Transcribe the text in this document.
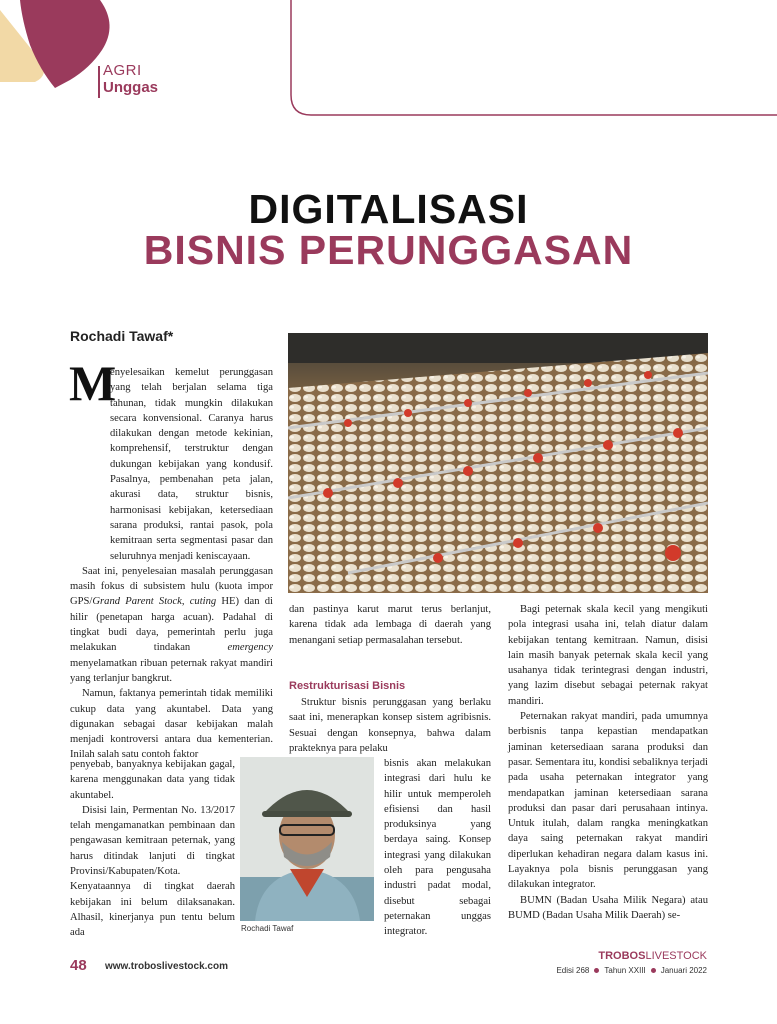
AGRI
Unggas
DIGITALISASI
BISNIS PERUNGGASAN
Rochadi Tawaf*
M

enyelesaikan kemelut perunggasan yang telah berjalan selama tiga tahunan, tidak mungkin dilakukan secara konvensional. Caranya harus dilakukan dengan metode kekinian, komprehensif, terstruktur dengan dukungan kebijakan yang kondusif. Pasalnya, pembenahan peta jalan, akurasi data, struktur bisnis, harmonisasi kebijakan, ketersediaan sarana produksi, rantai pasok, pola kemitraan serta segmentasi pasar dan seluruhnya menjadi keniscayaan.

Saat ini, penyelesaian masalah perunggasan masih fokus di subsistem hulu (kuota impor GPS/Grand Parent Stock, cuting HE) dan di hilir (penetapan harga acuan). Padahal di tingkat budi daya, pemerintah perlu juga melakukan tindakan emergency menyelamatkan ribuan peternak rakyat mandiri yang terlanjur bangkrut.

Namun, faktanya pemerintah tidak memiliki cukup data yang akuntabel. Data yang digunakan sebagai dasar kebijakan malah menjadi kontroversi antara dua kementerian. Inilah salah satu contoh faktor

penyebab, banyaknya kebijakan gagal, karena menggunakan data yang tidak akuntabel.

Disisi lain, Permentan No. 13/2017 telah mengamanatkan pembinaan dan pengawasan kemitraan peternak, yang harus ditindak lanjuti di tingkat Provinsi/Kabupaten/Kota. Kenyataannya di tingkat daerah kebijakan ini belum dilaksanakan. Alhasil, kinerjanya pun tentu belum ada

dan pastinya karut marut terus berlanjut, karena tidak ada lembaga di daerah yang menangani setiap permasalahan tersebut.

Restrukturisasi Bisnis

Struktur bisnis perunggasan yang berlaku saat ini, menerapkan konsep sistem agribisnis. Sesuai dengan konsepnya, bahwa dalam prakteknya para pelaku

bisnis akan melakukan integrasi dari hulu ke hilir untuk memperoleh efisiensi dan hasil produksinya yang berdaya saing. Konsep integrasi yang dilakukan oleh para pengusaha industri padat modal, disebut sebagai peternakan unggas integrator.

Rochadi Tawaf

Bagi peternak skala kecil yang mengikuti pola integrasi usaha ini, telah diatur dalam kebijakan tentang kemitraan. Namun, disisi lain masih banyak peternak skala kecil yang usahanya tidak terintegrasi dengan industri, yang lazim disebut sebagai peternak rakyat mandiri.

Peternakan rakyat mandiri, pada umumnya berbisnis tanpa kepastian mendapatkan jaminan ketersediaan sarana produksi dan pasar. Sementara itu, kondisi sebaliknya terjadi pada usaha peternakan integrator yang mendapatkan jaminan ketersediaan sarana produksi dan pasar dari perusahaan intinya. Untuk itulah, dalam rangka meningkatkan daya saing peternakan rakyat mandiri diperlukan kehadiran negara dalam kasus ini. Layaknya pola bisnis perunggasan yang dilakukan integrator.

BUMN (Badan Usaha Milik Negara) atau BUMD (Badan Usaha Milik Daerah) se-

48 www.troboslivestock.com
TROBOSLIVESTOCK
Edisi 268 Tahun XXIII Januari 2022
